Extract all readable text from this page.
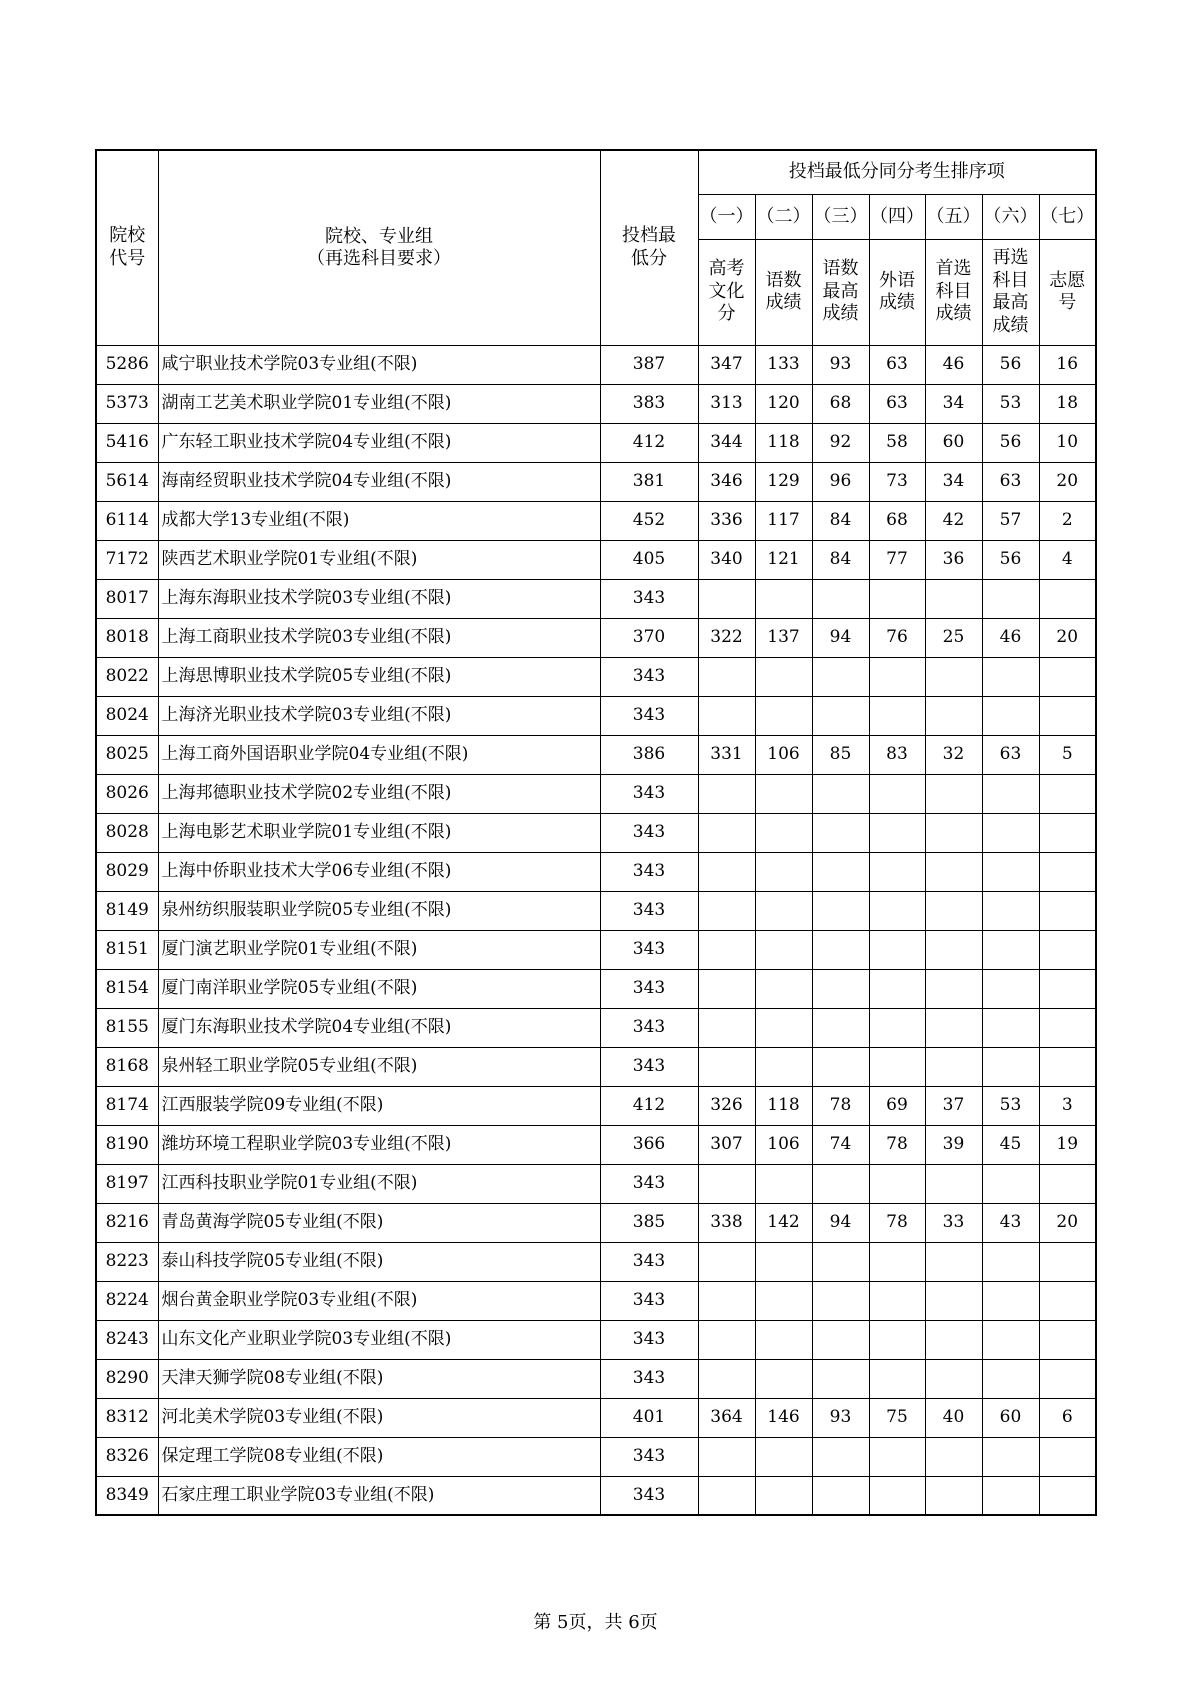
院校代号	院校、专业组
（再选科目要求）	投档最低分	投档最低分同分考生排序项						
			（一）	（二）	（三）	（四）	（五）	（六）	（七）
			高考文化分	语数成绩	语数最高成绩	外语成绩	首选科目成绩	再选科目最高成绩	志愿号
5286	咸宁职业技术学院03专业组(不限)	387	347	133	93	63	46	56	16
5373	湖南工艺美术职业学院01专业组(不限)	383	313	120	68	63	34	53	18
5416	广东轻工职业技术学院04专业组(不限)	412	344	118	92	58	60	56	10
5614	海南经贸职业技术学院04专业组(不限)	381	346	129	96	73	34	63	20
6114	成都大学13专业组(不限)	452	336	117	84	68	42	57	2
7172	陕西艺术职业学院01专业组(不限)	405	340	121	84	77	36	56	4
8017	上海东海职业技术学院03专业组(不限)	343							
8018	上海工商职业技术学院03专业组(不限)	370	322	137	94	76	25	46	20
8022	上海思博职业技术学院05专业组(不限)	343							
8024	上海济光职业技术学院03专业组(不限)	343							
8025	上海工商外国语职业学院04专业组(不限)	386	331	106	85	83	32	63	5
8026	上海邦德职业技术学院02专业组(不限)	343							
8028	上海电影艺术职业学院01专业组(不限)	343							
8029	上海中侨职业技术大学06专业组(不限)	343							
8149	泉州纺织服装职业学院05专业组(不限)	343							
8151	厦门演艺职业学院01专业组(不限)	343							
8154	厦门南洋职业学院05专业组(不限)	343							
8155	厦门东海职业技术学院04专业组(不限)	343							
8168	泉州轻工职业学院05专业组(不限)	343							
8174	江西服装学院09专业组(不限)	412	326	118	78	69	37	53	3
8190	潍坊环境工程职业学院03专业组(不限)	366	307	106	74	78	39	45	19
8197	江西科技职业学院01专业组(不限)	343							
8216	青岛黄海学院05专业组(不限)	385	338	142	94	78	33	43	20
8223	泰山科技学院05专业组(不限)	343							
8224	烟台黄金职业学院03专业组(不限)	343							
8243	山东文化产业职业学院03专业组(不限)	343							
8290	天津天狮学院08专业组(不限)	343							
8312	河北美术学院03专业组(不限)	401	364	146	93	75	40	60	6
8326	保定理工学院08专业组(不限)	343							
8349	石家庄理工职业学院03专业组(不限)	343							
第 5页，共 6页
